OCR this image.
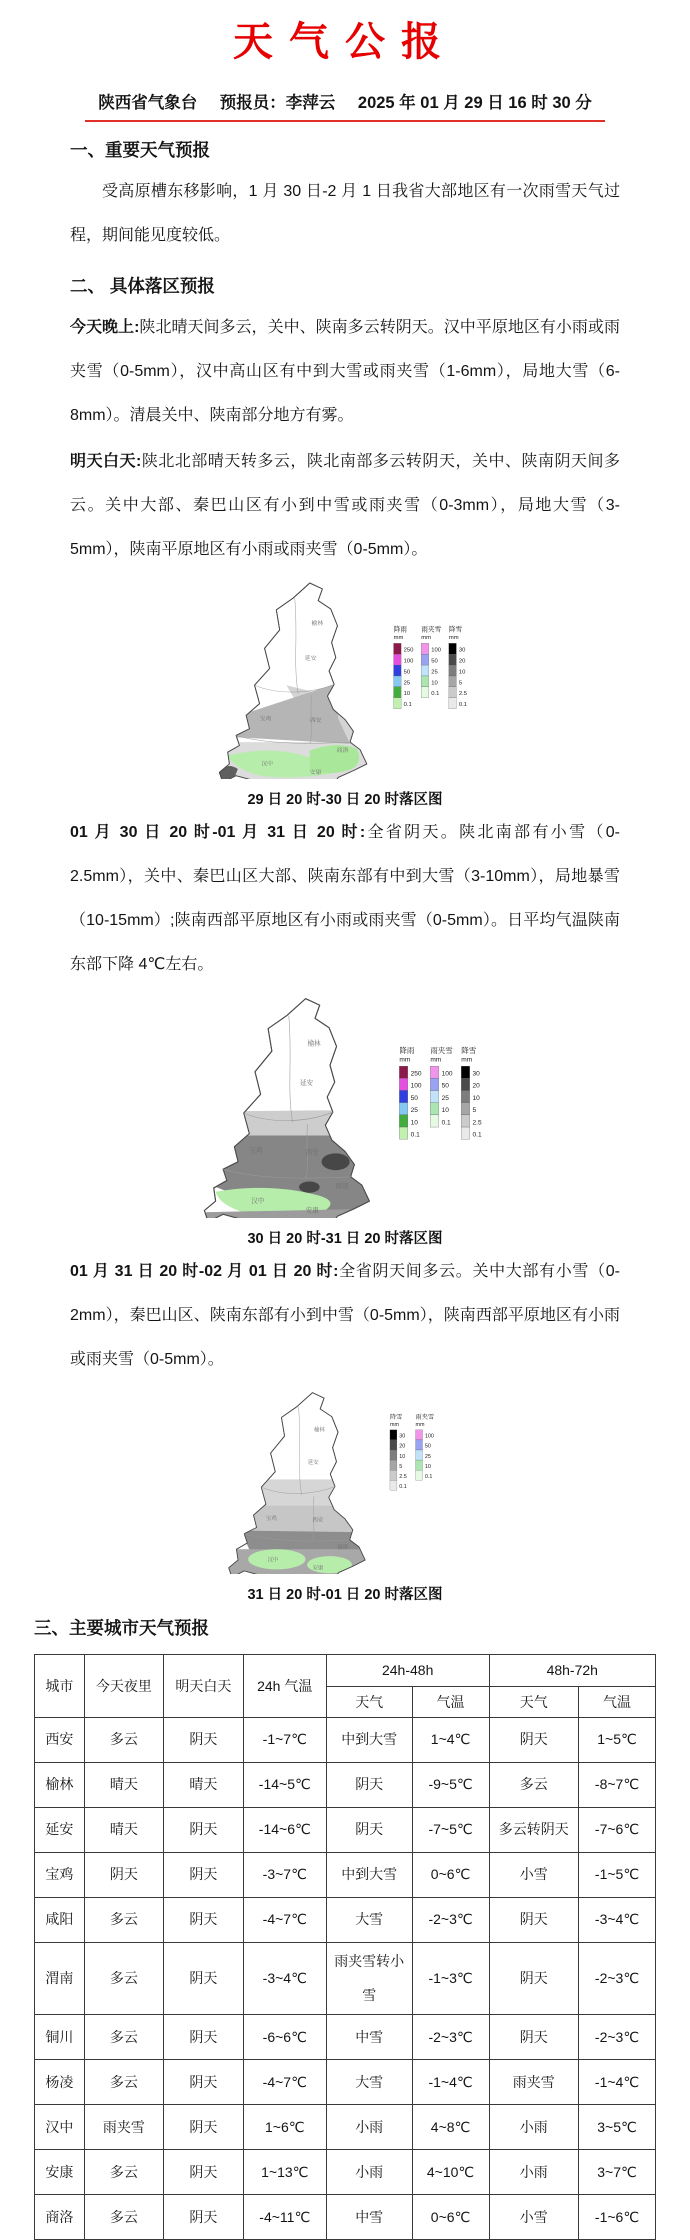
天气公报
陕西省气象台 预报员：李萍云 2025 年 01 月 29 日 16 时 30 分
一、重要天气预报

受高原槽东移影响，1 月 30 日-2 月 1 日我省大部地区有一次雨雪天气过程，期间能见度较低。

二、 具体落区预报

今天晚上:陕北晴天间多云，关中、陕南多云转阴天。汉中平原地区有小雨或雨夹雪（0-5mm），汉中高山区有中到大雪或雨夹雪（1-6mm），局地大雪（6-8mm）。清晨关中、陕南部分地方有雾。

明天白天:陕北北部晴天转多云，陕北南部多云转阴天，关中、陕南阴天间多云。关中大部、秦巴山区有小到中雪或雨夹雪（0-3mm），局地大雪（3-5mm），陕南平原地区有小雨或雨夹雪（0-5mm）。

榆林
延安
西安
宝鸡
汉中
安康
商洛
降雨
mm
250
100
50
25
10
0.1
雨夹雪
mm
100
50
25
10
0.1
降雪
mm
30
20
10
5
2.5
0.1
29 日 20 时-30 日 20 时落区图

01 月 30 日 20 时-01 月 31 日 20 时:全省阴天。陕北南部有小雪（0-2.5mm），关中、秦巴山区大部、陕南东部有中到大雪（3-10mm），局地暴雪（10-15mm）;陕南西部平原地区有小雨或雨夹雪（0-5mm）。日平均气温陕南东部下降 4℃左右。

榆林
延安
西安
宝鸡
汉中
安康
商洛
降雨
mm
250
100
50
25
10
0.1
雨夹雪
mm
100
50
25
10
0.1
降雪
mm
30
20
10
5
2.5
0.1
30 日 20 时-31 日 20 时落区图

01 月 31 日 20 时-02 月 01 日 20 时:全省阴天间多云。关中大部有小雪（0-2mm），秦巴山区、陕南东部有小到中雪（0-5mm），陕南西部平原地区有小雨或雨夹雪（0-5mm）。

榆林
延安
西安
宝鸡
汉中
安康
商洛
降雪
mm
30
20
10
5
2.5
0.1
雨夹雪
mm
100
50
25
10
0.1
31 日 20 时-01 日 20 时落区图
三、主要城市天气预报
城市	今天夜里	明天白天	24h 气温	24h-48h		48h-72h	
				天气	气温	天气	气温
西安	多云	阴天	-1~7℃	中到大雪	1~4℃	阴天	1~5℃
榆林	晴天	晴天	-14~5℃	阴天	-9~5℃	多云	-8~7℃
延安	晴天	阴天	-14~6℃	阴天	-7~5℃	多云转阴天	-7~6℃
宝鸡	阴天	阴天	-3~7℃	中到大雪	0~6℃	小雪	-1~5℃
咸阳	多云	阴天	-4~7℃	大雪	-2~3℃	阴天	-3~4℃
渭南	多云	阴天	-3~4℃	雨夹雪转小雪	-1~3℃	阴天	-2~3℃
铜川	多云	阴天	-6~6℃	中雪	-2~3℃	阴天	-2~3℃
杨凌	多云	阴天	-4~7℃	大雪	-1~4℃	雨夹雪	-1~4℃
汉中	雨夹雪	阴天	1~6℃	小雨	4~8℃	小雨	3~5℃
安康	多云	阴天	1~13℃	小雨	4~10℃	小雨	3~7℃
商洛	多云	阴天	-4~11℃	中雪	0~6℃	小雪	-1~6℃
